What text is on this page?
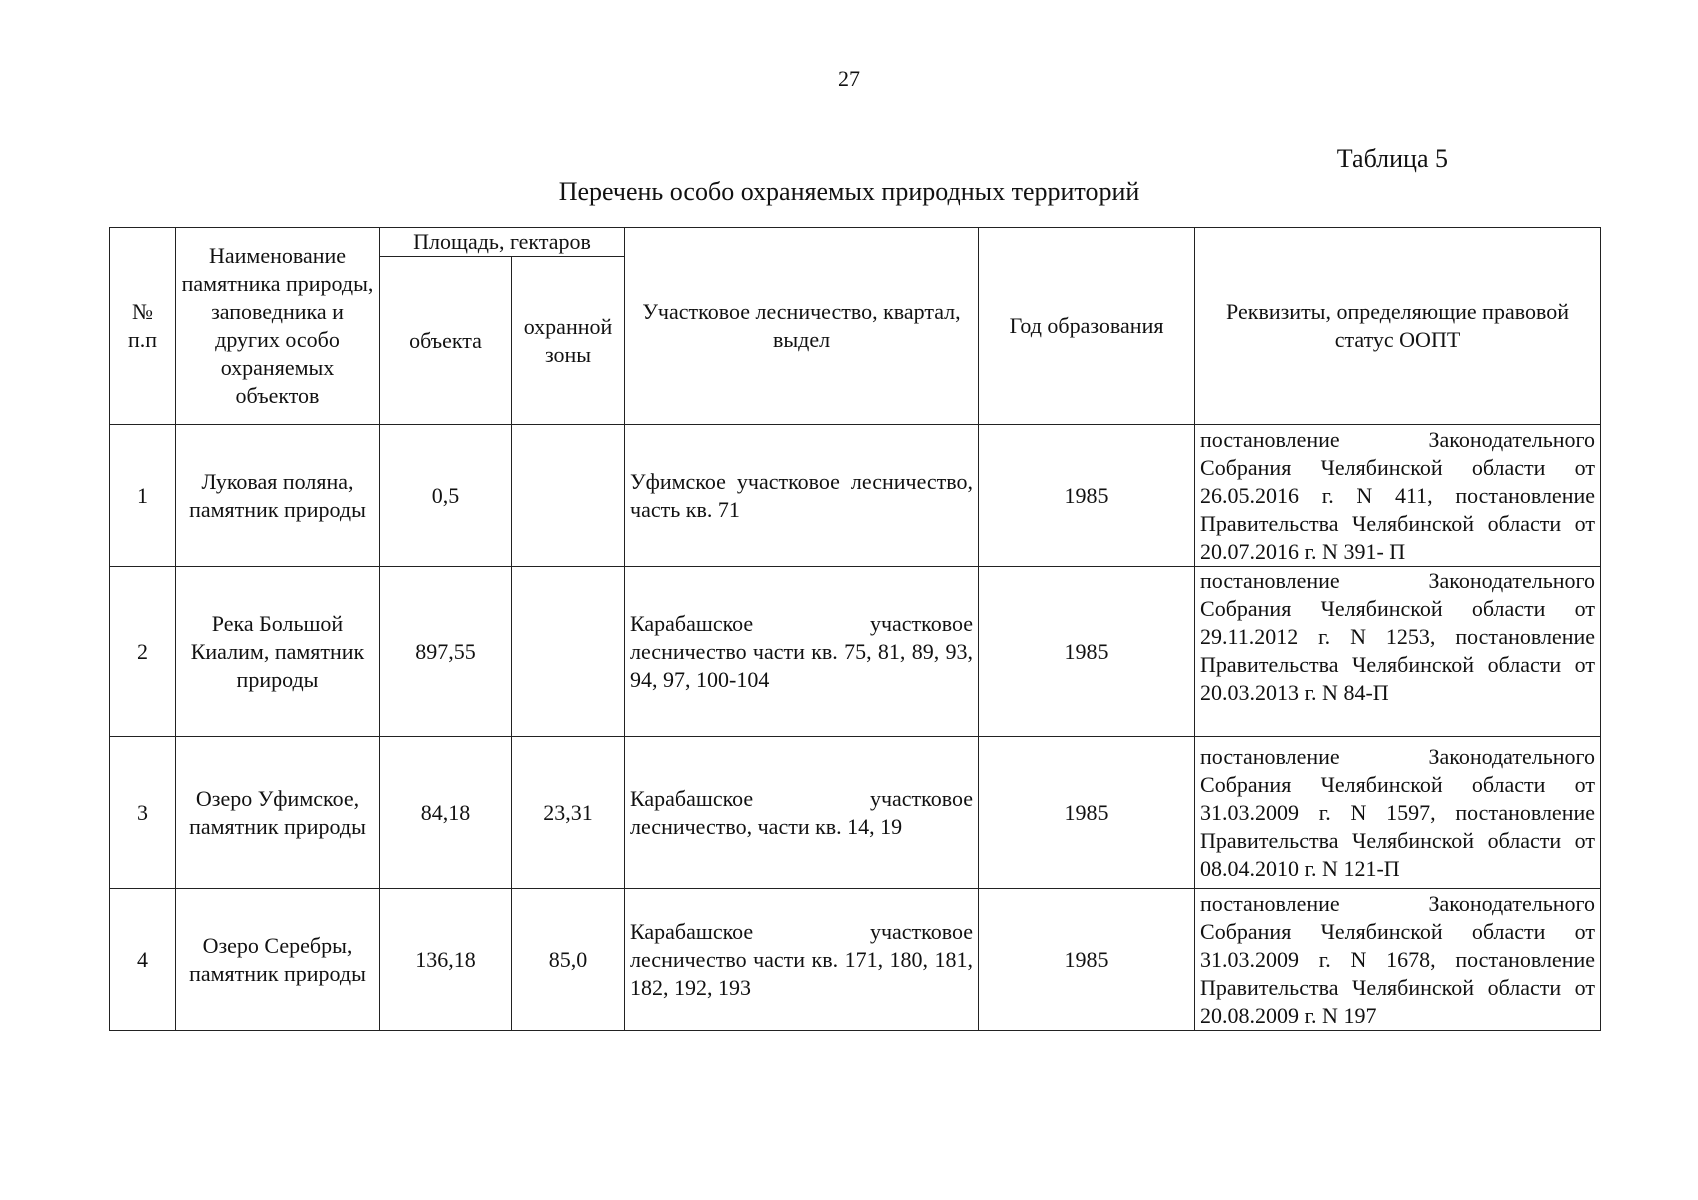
27
Таблица 5
Перечень особо охраняемых природных территорий
№ п.п	Наименование памятника природы, заповедника и других особо охраняемых объектов	Площадь, гектаров		Участковое лесничество, квартал, выдел	Год образования	Реквизиты, определяющие правовой статус ООПТ
		объекта	охранной зоны			
1	Луковая поляна, памятник природы	0,5		Уфимское участковое лесничество, часть кв. 71	1985	постановление Законодательного Собрания Челябинской области от 26.05.2016 г. N 411, постановление Правительства Челябинской области от 20.07.2016 г. N 391- П
2	Река Большой Киалим, памятник природы	897,55		Карабашское участковое лесничество части кв. 75, 81, 89, 93, 94, 97, 100-104	1985	постановление Законодательного Собрания Челябинской области от 29.11.2012 г. N 1253, постановление Правительства Челябинской области от 20.03.2013 г. N 84-П
3	Озеро Уфимское, памятник природы	84,18	23,31	Карабашское участковое лесничество, части кв. 14, 19	1985	постановление Законодательного Собрания Челябинской области от 31.03.2009 г. N 1597, постановление Правительства Челябинской области от 08.04.2010 г. N 121-П
4	Озеро Серебры, памятник природы	136,18	85,0	Карабашское участковое лесничество части кв. 171, 180, 181, 182, 192, 193	1985	постановление Законодательного Собрания Челябинской области от 31.03.2009 г. N 1678, постановление Правительства Челябинской области от 20.08.2009 г. N 197
